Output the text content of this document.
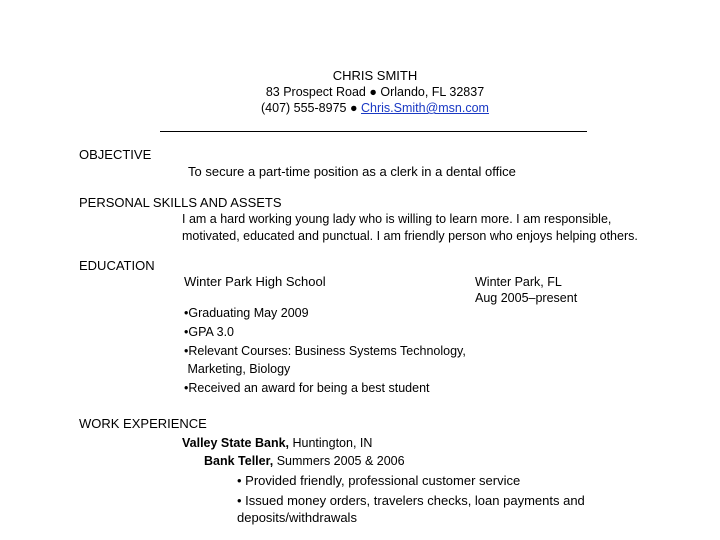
CHRIS SMITH
83 Prospect Road ● Orlando, FL 32837
(407) 555-8975 ● Chris.Smith@msn.com
OBJECTIVE
To secure a part-time position as a clerk in a dental office
PERSONAL SKILLS AND ASSETS
I am a hard working young lady who is willing to learn more. I am responsible,
motivated, educated and punctual. I am friendly person who enjoys helping others.
EDUCATION
Winter Park High School	Winter Park, FL
Aug 2005–present
•Graduating May 2009
•GPA 3.0
•Relevant Courses: Business Systems Technology,
Marketing, Biology
•Received an award for being a best student
WORK EXPERIENCE
Valley State Bank, Huntington, IN
Bank Teller, Summers 2005 & 2006
• Provided friendly, professional customer service
• Issued money orders, travelers checks, loan payments and
deposits/withdrawals
